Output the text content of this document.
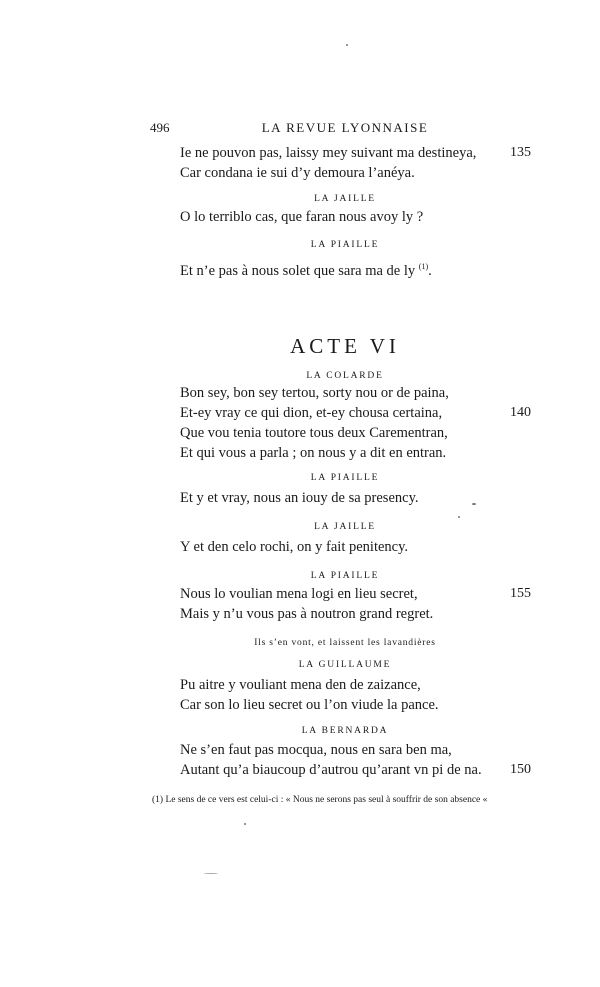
496	LA REVUE LYONNAISE
Ie ne pouvon pas, laissy mey suivant ma destineya, 135
Car condana ie sui d’y demoura l’anéya.
LA JAILLE
O lo terriblo cas, que faran nous avoy ly ?
LA PIAILLE
Et n’e pas à nous solet que sara ma de ly $^{(1)}$.
ACTE VI
LA COLARDE
Bon sey, bon sey tertou, sorty nou or de paina,
Et-ey vray ce qui dion, et-ey chousa certaina,	140
Que vou tenia toutore tous deux Carementran,
Et qui vous a parla ; on nous y a dit en entran.
LA PIAILLE
Et y et vray, nous an iouy de sa presency.
LA JAILLE
Y et den celo rochi, on y fait penitency.
LA PIAILLE
Nous lo voulian mena logi en lieu secret,	155
Mais y n’u vous pas à noutron grand regret.
Ils s’en vont, et laissent les lavandières
LA GUILLAUME
Pu aitre y vouliant mena den de zaizance,
Car son lo lieu secret ou l’on viude la pance.
LA BERNARDA
Ne s’en faut pas mocqua, nous en sara ben ma,
Autant qu’a biaucoup d’autrou qu’arant vn pi de na. 150
(1) Le sens de ce vers est celui-ci : « Nous ne serons pas seul à souffrir de son absence «
